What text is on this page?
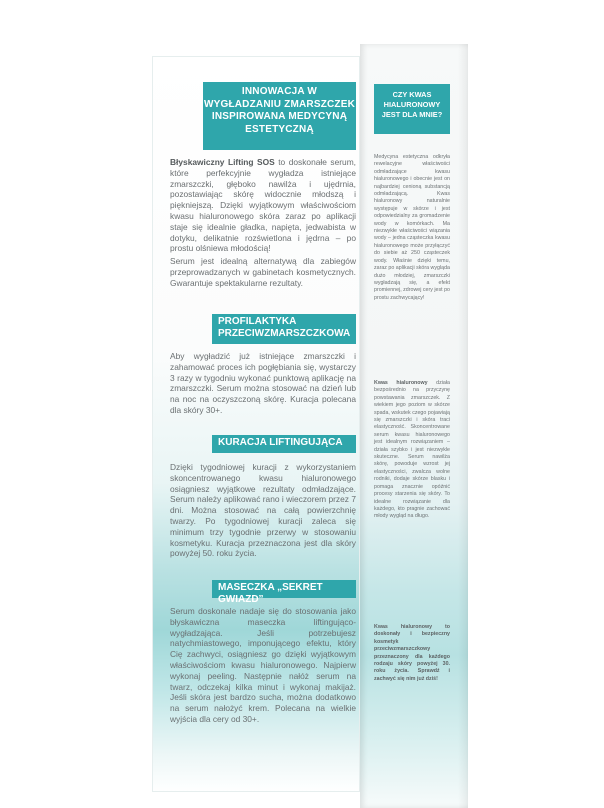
INNOWACJA W WYGŁADZANIU ZMARSZCZEK INSPIROWANA MEDYCYNĄ ESTETYCZNĄ
Błyskawiczny Lifting SOS to doskonałe serum, które perfekcyjnie wygładza istniejące zmarszczki, głęboko nawilża i ujędrnia, pozostawiając skórę widocznie młodszą i piękniejszą. Dzięki wyjątkowym właściwościom kwasu hialuronowego skóra zaraz po aplikacji staje się idealnie gładka, napięta, jedwabista w dotyku, delikatnie rozświetlona i jędrna – po prostu olśniewa młodością!
Serum jest idealną alternatywą dla zabiegów przeprowadzanych w gabinetach kosmetycznych. Gwarantuje spektakularne rezultaty.
PROFILAKTYKA PRZECIWZMARSZCZKOWA
Aby wygładzić już istniejące zmarszczki i zahamować proces ich pogłębiania się, wystarczy 3 razy w tygodniu wykonać punktową aplikację na zmarszczki. Serum można stosować na dzień lub na noc na oczyszczoną skórę. Kuracja polecana dla skóry 30+.
KURACJA LIFTINGUJĄCA
Dzięki tygodniowej kuracji z wykorzystaniem skoncentrowanego kwasu hialuronowego osiągniesz wyjątkowe rezultaty odmładzające. Serum należy aplikować rano i wieczorem przez 7 dni. Można stosować na całą powierzchnię twarzy. Po tygodniowej kuracji zaleca się minimum trzy tygodnie przerwy w stosowaniu kosmetyku. Kuracja przeznaczona jest dla skóry powyżej 50. roku życia.
MASECZKA „SEKRET GWIAZD”
Serum doskonale nadaje się do stosowania jako błyskawiczna maseczka liftingująco-wygładzająca. Jeśli potrzebujesz natychmiastowego, imponującego efektu, który Cię zachwyci, osiągniesz go dzięki wyjątkowym właściwościom kwasu hialuronowego. Najpierw wykonaj peeling. Następnie nałóż serum na twarz, odczekaj kilka minut i wykonaj makijaż. Jeśli skóra jest bardzo sucha, można dodatkowo na serum nałożyć krem. Polecana na wielkie wyjścia dla cery od 30+.
CZY KWAS HIALURONOWY JEST DLA MNIE?
Medycyna estetyczna odkryła rewelacyjne właściwości odmładzające kwasu hialuronowego i obecnie jest on najbardziej cenioną substancją odmładzającą. Kwas hialuronowy naturalnie występuje w skórze i jest odpowiedzialny za gromadzenie wody w komórkach. Ma niezwykłe właściwości wiązania wody – jedna cząsteczka kwasu hialuronowego może przyłączyć do siebie aż 250 cząsteczek wody. Właśnie dzięki temu, zaraz po aplikacji skóra wygląda dużo młodziej, zmarszczki wygładzają się, a efekt promiennej, zdrowej cery jest po prostu zachwycający!
Kwas hialuronowy działa bezpośrednio na przyczynę powstawania zmarszczek. Z wiekiem jego poziom w skórze spada, wskutek czego pojawiają się zmarszczki i skóra traci elastyczność. Skoncentrowane serum kwasu hialuronowego jest idealnym rozwiązaniem – działa szybko i jest niezwykle skuteczne. Serum nawilża skórę, powoduje wzrost jej elastyczności, zwalcza wolne rodniki, dodaje skórze blasku i pomaga znacznie opóźnić procesy starzenia się skóry. To idealne rozwiązanie dla każdego, kto pragnie zachować młody wygląd na długo.
Kwas hialuronowy to doskonały i bezpieczny kosmetyk przeciwzmarszczkowy przeznaczony dla każdego rodzaju skóry powyżej 30. roku życia. Sprawdź i zachwyć się nim już dziś!
